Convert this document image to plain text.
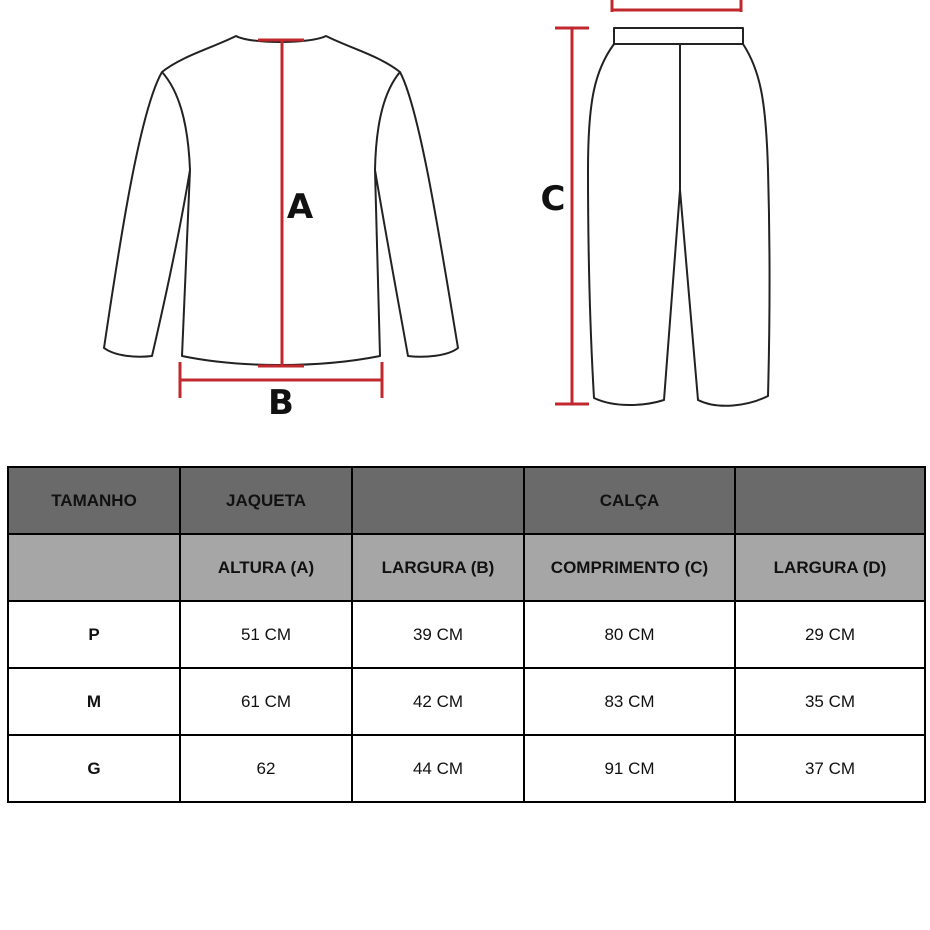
A
B
C
TAMANHO	JAQUETA		CALÇA	
	ALTURA (A)	LARGURA (B)	COMPRIMENTO (C)	LARGURA (D)
P	51 CM	39 CM	80 CM	29 CM
M	61 CM	42 CM	83 CM	35 CM
G	62	44 CM	91 CM	37 CM
